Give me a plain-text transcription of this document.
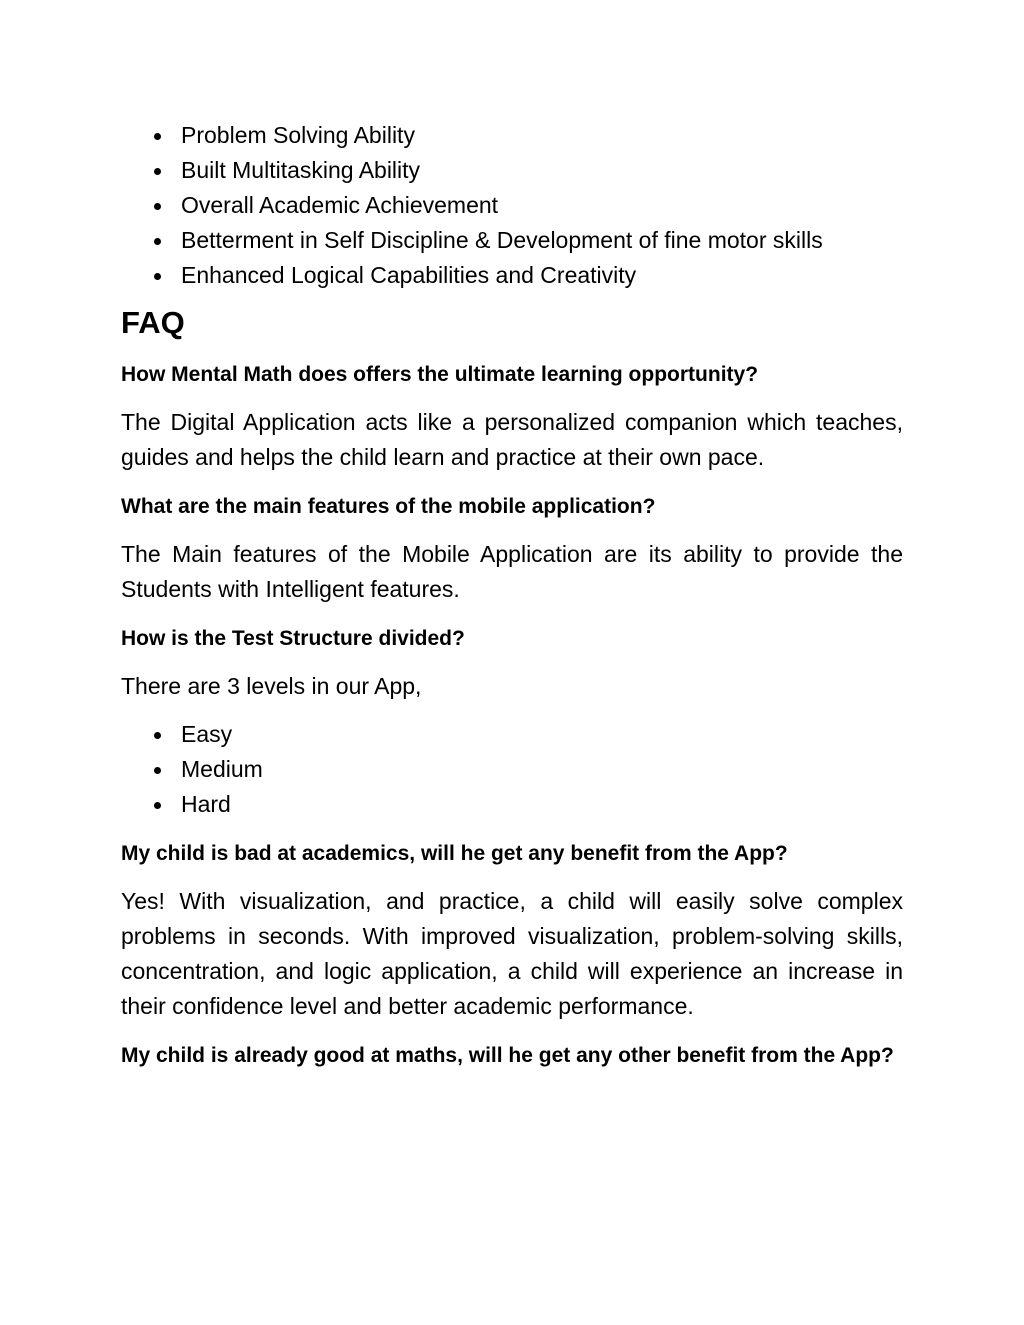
Problem Solving Ability
Built Multitasking Ability
Overall Academic Achievement
Betterment in Self Discipline & Development of fine motor skills
Enhanced Logical Capabilities and Creativity
FAQ

How Mental Math does offers the ultimate learning opportunity?

The Digital Application acts like a personalized companion which teaches, guides and helps the child learn and practice at their own pace.

What are the main features of the mobile application?

The Main features of the Mobile Application are its ability to provide the Students with Intelligent features.

How is the Test Structure divided?

There are 3 levels in our App,

Easy
Medium
Hard

My child is bad at academics, will he get any benefit from the App?

Yes! With visualization, and practice, a child will easily solve complex problems in seconds. With improved visualization, problem-solving skills, concentration, and logic application, a child will experience an increase in their confidence level and better academic performance.

My child is already good at maths, will he get any other benefit from the App?
